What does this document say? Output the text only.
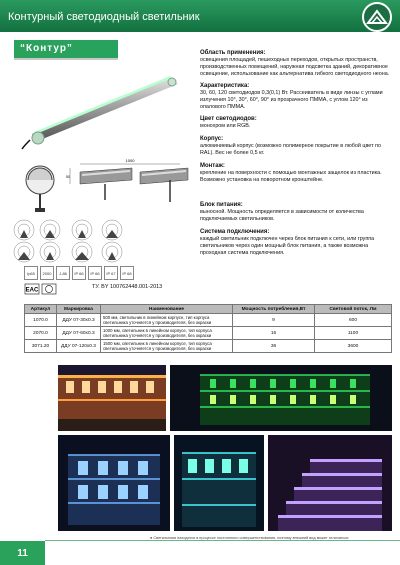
Контурный светодиодный светильник
“Контур”
1000
50
Ip65	2000	J-86	IP 66	IP 66	IP 67	IP 68
EAC
ТУ. BY 100762448.001-2013
Область применения:

освещения площадей, пешеходных переходов, открытых пространств, производственных помещений, наружная подсветка зданий, декоративное освещение, использование как альтернатива гибкого светодиодного неона.

Характеристика:

30, 60, 120 светодиодов 0,3(0,1) Вт. Рассеиватель в виде линзы с углами излучения 10°, 30°, 60°, 90° из прозрачного ПММА, с углом 120° из опалового ПММА.

Цвет светодиодов:

монохром или RGB.

Корпус:

алюминиевый корпус (возможно полимерное покрытие в любой цвет по RAL). Вес не более 0,5 кг.

Монтаж:

крепление на поверхности с помощью монтажных защелок из пластика. Возможно установка на поворотном кронштейне.

Блок питания:

выносной. Мощность определяется в зависимости от количества подключаемых светильников.

Система подключения:

каждый светильник подключен через блок питания к сети, или группа светильников через один мощный блок питания, а также возможна проходная система подключения.

Артикул	Маркировка	Наименование	Мощность потребления,Вт	Световой поток, Лм
1070.0	ДДУ 07-30х0.3	500 мм, светильник в линейном корпусе, тип корпуса светильника уточняется у производителя, без окраски	9	600
2070.0	ДДУ 07-60х0.3	1000 мм, светильник в линейном корпусе, тип корпуса светильника уточняется у производителя, без окраски	15	1100
3071.20	ДДУ 07-120х0.3	1500 мм, светильник в линейном корпусе, тип корпуса светильника уточняется у производителя, без окраски	36	3600
● Светильники находятся в процессе постоянного совершенствования, поэтому внешний вид может отличаться
11
